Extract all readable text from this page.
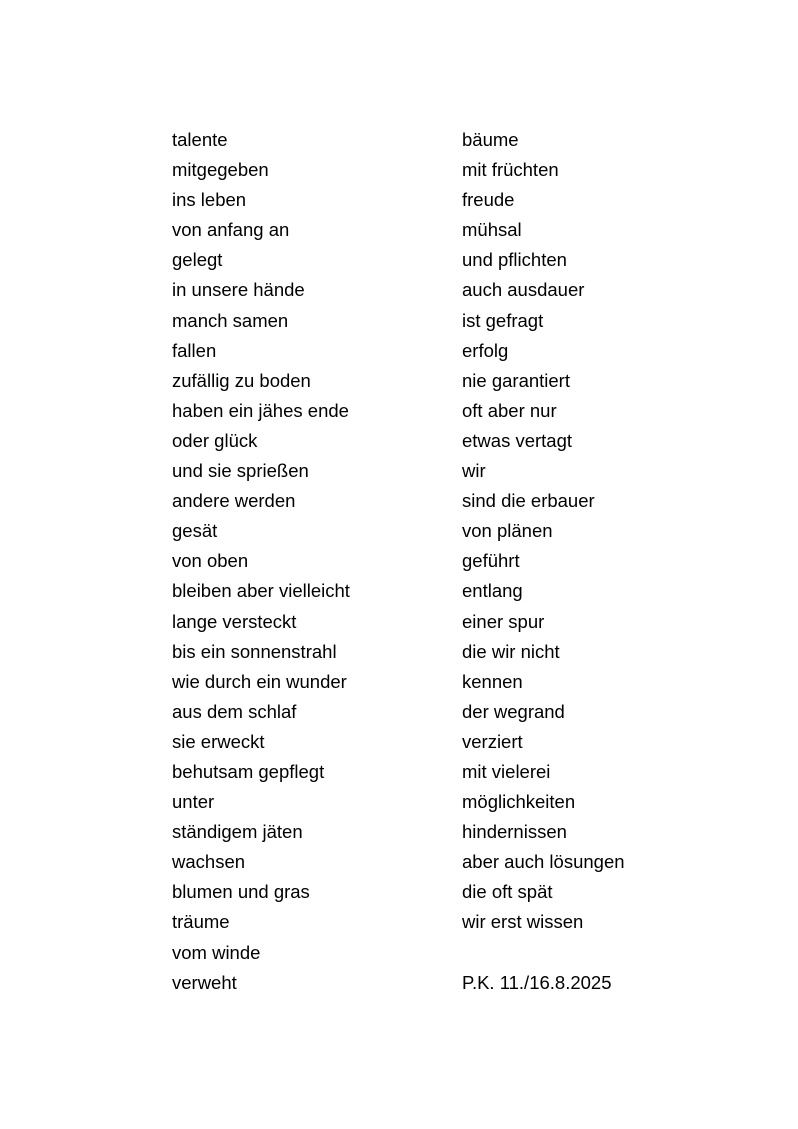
talente
mitgegeben
ins leben
von anfang an
gelegt
in unsere hände
manch samen
fallen
zufällig zu boden
haben ein jähes ende
oder glück
und sie sprießen
andere werden
gesät
von oben
bleiben aber vielleicht
lange versteckt
bis ein sonnenstrahl
wie durch ein wunder
aus dem schlaf
sie erweckt
behutsam gepflegt
unter
ständigem jäten
wachsen
blumen und gras
träume
vom winde
verweht
bäume
mit früchten
freude
mühsal
und pflichten
auch ausdauer
ist gefragt
erfolg
nie garantiert
oft aber nur
etwas vertagt
wir
sind die erbauer
von plänen
geführt
entlang
einer spur
die wir nicht
kennen
der wegrand
verziert
mit vielerei
möglichkeiten
hindernissen
aber auch lösungen
die oft spät
wir erst wissen
P.K. 11./16.8.2025
